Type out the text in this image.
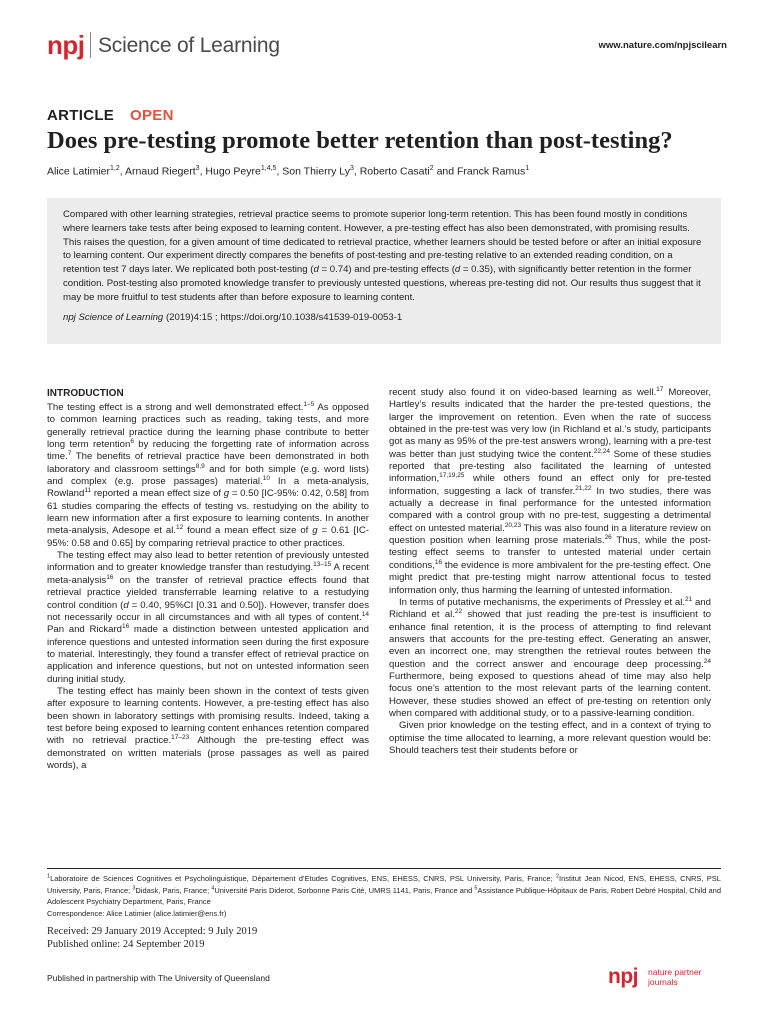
npj Science of Learning	www.nature.com/npjscilearn
ARTICLE OPEN
Does pre-testing promote better retention than post-testing?
Alice Latimier$^{1,2}$, Arnaud Riegert$^3$, Hugo Peyre$^{1,4,5}$, Son Thierry Ly$^3$, Roberto Casati$^2$ and Franck Ramus$^1$

Compared with other learning strategies, retrieval practice seems to promote superior long-term retention. This has been found mostly in conditions where learners take tests after being exposed to learning content. However, a pre-testing effect has also been demonstrated, with promising results. This raises the question, for a given amount of time dedicated to retrieval practice, whether learners should be tested before or after an initial exposure to learning content. Our experiment directly compares the benefits of post-testing and pre-testing relative to an extended reading condition, on a retention test 7 days later. We replicated both post-testing (d = 0.74) and pre-testing effects (d = 0.35), with significantly better retention in the former condition. Post-testing also promoted knowledge transfer to previously untested questions, whereas pre-testing did not. Our results thus suggest that it may be more fruitful to test students after than before exposure to learning content.

npj Science of Learning (2019)4:15 ; https://doi.org/10.1038/s41539-019-0053-1

INTRODUCTION

The testing effect is a strong and well demonstrated effect.$^{1-5}$ As opposed to common learning practices such as reading, taking tests, and more generally retrieval practice during the learning phase contribute to better long term retention$^6$ by reducing the forgetting rate of information across time.$^7$ The benefits of retrieval practice have been demonstrated in both laboratory and classroom settings$^{8,9}$ and for both simple (e.g. word lists) and complex (e.g. prose passages) material.$^{10}$ In a meta-analysis, Rowland$^{11}$ reported a mean effect size of g = 0.50 [IC-95%: 0.42, 0.58] from 61 studies comparing the effects of testing vs. restudying on the ability to learn new information after a first exposure to learning contents. In another meta-analysis, Adesope et al.$^{12}$ found a mean effect size of g = 0.61 [IC-95%: 0.58 and 0.65] by comparing retrieval practice to other practices.

The testing effect may also lead to better retention of previously untested information and to greater knowledge transfer than restudying.$^{13-15}$ A recent meta-analysis$^{16}$ on the transfer of retrieval practice effects found that retrieval practice yielded transferrable learning relative to a restudying control condition (d = 0.40, 95%CI [0.31 and 0.50]). However, transfer does not necessarily occur in all circumstances and with all types of content.$^{14}$ Pan and Rickard$^{16}$ made a distinction between untested application and inference questions and untested information seen during the first exposure to material. Interestingly, they found a transfer effect of retrieval practice on application and inference questions, but not on untested information seen during initial study.

The testing effect has mainly been shown in the context of tests given after exposure to learning contents. However, a pre-testing effect has also been shown in laboratory settings with promising results. Indeed, taking a test before being exposed to learning content enhances retention compared with no retrieval practice.$^{17-23}$ Although the pre-testing effect was demonstrated on written materials (prose passages as well as paired words), a

recent study also found it on video-based learning as well.$^{17}$ Moreover, Hartley’s results indicated that the harder the pre-tested questions, the larger the improvement on retention. Even when the rate of success obtained in the pre-test was very low (in Richland et al.’s study, participants got as many as 95% of the pre-test answers wrong), learning with a pre-test was better than just studying twice the content.$^{22,24}$ Some of these studies reported that pre-testing also facilitated the learning of untested information,$^{17,19,25}$ while others found an effect only for pre-tested information, suggesting a lack of transfer.$^{21,22}$ In two studies, there was actually a decrease in final performance for the untested information compared with a control group with no pre-test, suggesting a detrimental effect on untested material.$^{20,23}$ This was also found in a literature review on question position when learning prose materials.$^{26}$ Thus, while the post-testing effect seems to transfer to untested material under certain conditions,$^{16}$ the evidence is more ambivalent for the pre-testing effect. One might predict that pre-testing might narrow attentional focus to tested information only, thus harming the learning of untested information.

In terms of putative mechanisms, the experiments of Pressley et al.$^{21}$ and Richland et al.$^{22}$ showed that just reading the pre-test is insufficient to enhance final retention, it is the process of attempting to find relevant answers that accounts for the pre-testing effect. Generating an answer, even an incorrect one, may strengthen the retrieval routes between the question and the correct answer and encourage deep processing.$^{24}$ Furthermore, being exposed to questions ahead of time may also help focus one’s attention to the most relevant parts of the learning content. However, these studies showed an effect of pre-testing on retention only when compared with additional study, or to a passive-learning condition.

Given prior knowledge on the testing effect, and in a context of trying to optimise the time allocated to learning, a more relevant question would be: Should teachers test their students before or

$^1$Laboratoire de Sciences Cognitives et Psycholinguistique, Département d’Etudes Cognitives, ENS, EHESS, CNRS, PSL University, Paris, France; $^2$Institut Jean Nicod, ENS, EHESS, CNRS, PSL University, Paris, France; $^3$Didask, Paris, France; $^4$Université Paris Diderot, Sorbonne Paris Cité, UMRS 1141, Paris, France and $^5$Assistance Publique-Hôpitaux de Paris, Robert Debré Hospital, Child and Adolescent Psychiatry Department, Paris, France
Correspondence: Alice Latimier (alice.latimier@ens.fr)
Received: 29 January 2019 Accepted: 9 July 2019
Published online: 24 September 2019
Published in partnership with The University of Queensland	npj nature partner
journals
